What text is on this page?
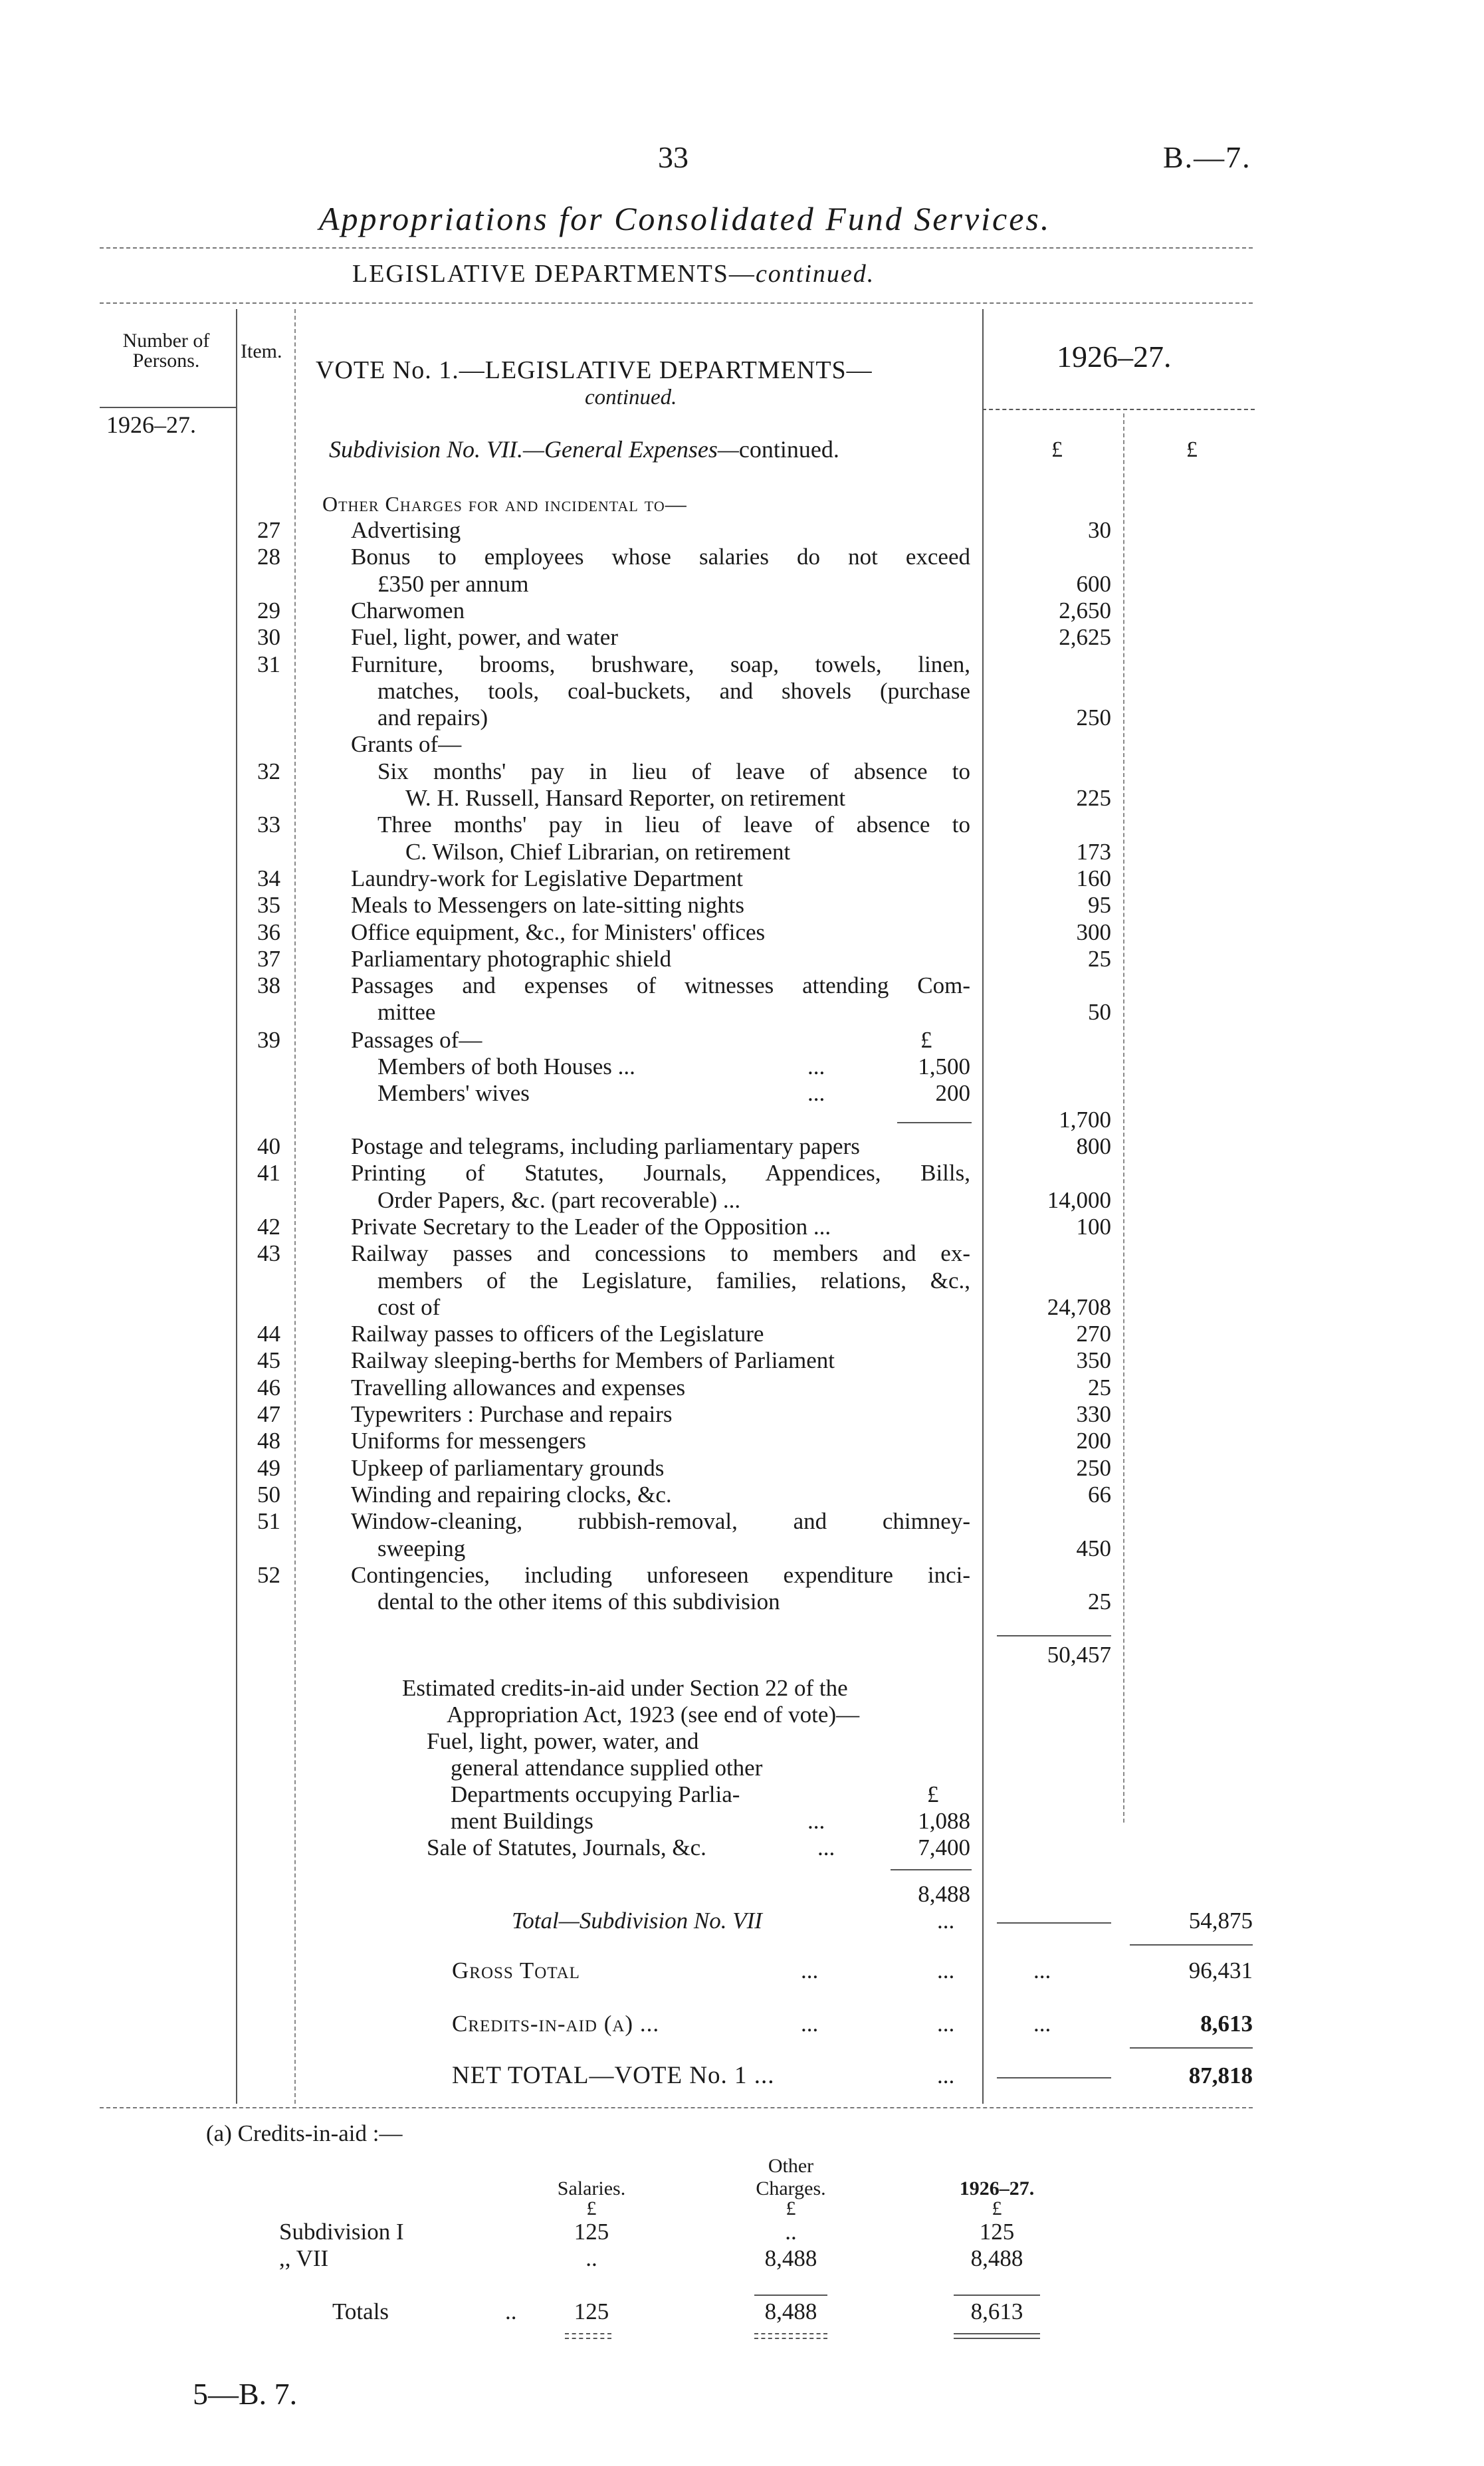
33	B.—7.
Appropriations for Consolidated Fund Services.
LEGISLATIVE DEPARTMENTS—continued.
Number of Persons.	Item.
VOTE No. 1.—LEGISLATIVE DEPARTMENTS—
continued.
1926–27.
1926–27.
Subdivision No. VII.—General Expenses—continued.	£	£
Other Charges for and incidental to—
27	Advertising	30
28	Bonus to employees whose salaries do not exceed
£350 per annum	600
29	Charwomen	2,650
30	Fuel, light, power, and water	2,625
31	Furniture, brooms, brushware, soap, towels, linen,
matches, tools, coal-buckets, and shovels (purchase
and repairs)	250
Grants of—
32	Six months' pay in lieu of leave of absence to
W. H. Russell, Hansard Reporter, on retirement	225
33	Three months' pay in lieu of leave of absence to
C. Wilson, Chief Librarian, on retirement	173
34	Laundry-work for Legislative Department	160
35	Meals to Messengers on late-sitting nights	95
36	Office equipment, &c., for Ministers' offices	300
37	Parliamentary photographic shield	25
38	Passages and expenses of witnesses attending Com-
mittee	50
39	Passages of—	£
Members of both Houses ...	...	1,500
Members' wives	...	200
1,700
40	Postage and telegrams, including parliamentary papers	800
41	Printing of Statutes, Journals, Appendices, Bills,
Order Papers, &c. (part recoverable) ...	14,000
42	Private Secretary to the Leader of the Opposition ...	100
43	Railway passes and concessions to members and ex-
members of the Legislature, families, relations, &c.,
cost of	24,708
44	Railway passes to officers of the Legislature	270
45	Railway sleeping-berths for Members of Parliament	350
46	Travelling allowances and expenses	25
47	Typewriters : Purchase and repairs	330
48	Uniforms for messengers	200
49	Upkeep of parliamentary grounds	250
50	Winding and repairing clocks, &c.	66
51	Window-cleaning, rubbish-removal, and chimney-
sweeping	450
52	Contingencies, including unforeseen expenditure inci-
dental to the other items of this subdivision	25
50,457
Estimated credits-in-aid under Section 22 of the
Appropriation Act, 1923 (see end of vote)—
Fuel, light, power, water, and
general attendance supplied other
Departments occupying Parlia-	£
ment Buildings	...	1,088
Sale of Statutes, Journals, &c.	...	7,400
8,488
Total—Subdivision No. VII	...	54,875
Gross Total	...	...	...	96,431
Credits-in-aid (a) ...	...	...	...	8,613
NET TOTAL—VOTE No. 1 ...	...	87,818
(a) Credits-in-aid :—
Other
Salaries.	Charges.	1926–27.
£	£	£
Subdivision I	125	..	125
,, VII	..	8,488	8,488
Totals	..	125	8,488	8,613
5—B. 7.
